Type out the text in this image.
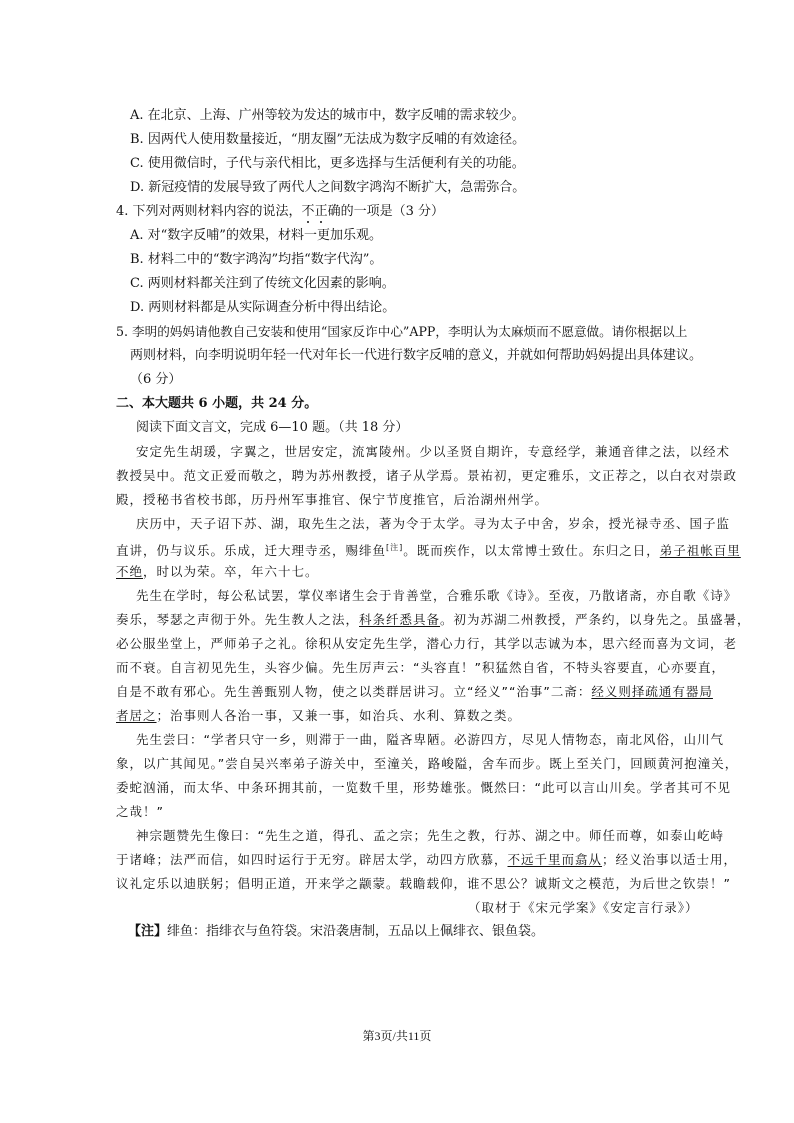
A. 在北京、上海、广州等较为发达的城市中，数字反哺的需求较少。
B. 因两代人使用数量接近，“朋友圈”无法成为数字反哺的有效途径。
C. 使用微信时，子代与亲代相比，更多选择与生活便利有关的功能。
D. 新冠疫情的发展导致了两代人之间数字鸿沟不断扩大，急需弥合。
4. 下列对两则材料内容的说法，不正确的一项是（3 分）
A. 对“数字反哺”的效果，材料一更加乐观。
B. 材料二中的“数字鸿沟”均指“数字代沟”。
C. 两则材料都关注到了传统文化因素的影响。
D. 两则材料都是从实际调查分析中得出结论。
5. 李明的妈妈请他教自己安装和使用“国家反诈中心”APP，李明认为太麻烦而不愿意做。请你根据以上
两则材料，向李明说明年轻一代对年长一代进行数字反哺的意义，并就如何帮助妈妈提出具体建议。
（6 分）
二、本大题共 6 小题，共 24 分。
阅读下面文言文，完成 6—10 题。（共 18 分）
安定先生胡瑗，字翼之，世居安定，流寓陵州。少以圣贤自期许，专意经学，兼通音律之法，以经术
教授吴中。范文正爱而敬之，聘为苏州教授，诸子从学焉。景祐初，更定雅乐，文正荐之，以白衣对崇政
殿，授秘书省校书郎，历丹州军事推官、保宁节度推官，后治湖州州学。
庆历中，天子诏下苏、湖，取先生之法，著为令于太学。寻为太子中舍，岁余，授光禄寺丞、国子监
直讲，仍与议乐。乐成，迁大理寺丞，赐绯鱼[注]。既而疾作，以太常博士致仕。东归之日，弟子祖帐百里
不绝，时以为荣。卒，年六十七。
先生在学时，每公私试罢，掌仪率诸生会于肯善堂，合雅乐歌《诗》。至夜，乃散诸斋，亦自歌《诗》
奏乐，琴瑟之声彻于外。先生教人之法，科条纤悉具备。初为苏湖二州教授，严条约，以身先之。虽盛暑，
必公服坐堂上，严师弟子之礼。徐积从安定先生学，潜心力行，其学以志诚为本，思六经而喜为文词，老
而不衰。自言初见先生，头容少偏。先生厉声云：“头容直！”积猛然自省，不特头容要直，心亦要直，
自是不敢有邪心。先生善甄别人物，使之以类群居讲习。立“经义”“治事”二斋：经义则择疏通有器局
者居之；治事则人各治一事，又兼一事，如治兵、水利、算数之类。
先生尝曰：“学者只守一乡，则滞于一曲，隘吝卑陋。必游四方，尽见人情物态，南北风俗，山川气
象，以广其闻见。”尝自吴兴率弟子游关中，至潼关，路峻隘，舍车而步。既上至关门，回顾黄河抱潼关，
委蛇汹涌，而太华、中条环拥其前，一览数千里，形势雄张。慨然曰：“此可以言山川矣。学者其可不见
之哉！”
神宗题赞先生像曰：“先生之道，得孔、孟之宗；先生之教，行苏、湖之中。师任而尊，如泰山屹峙
于诸峰；法严而信，如四时运行于无穷。辟居太学，动四方欣慕，不远千里而翕从；经义治事以适士用，
议礼定乐以迪朕躬；倡明正道，开来学之颛蒙。载瞻载仰，谁不思公？诚斯文之模范，为后世之钦崇！”
（取材于《宋元学案》《安定言行录》）
【注】绯鱼：指绯衣与鱼符袋。宋沿袭唐制，五品以上佩绯衣、银鱼袋。
第3页/共11页
